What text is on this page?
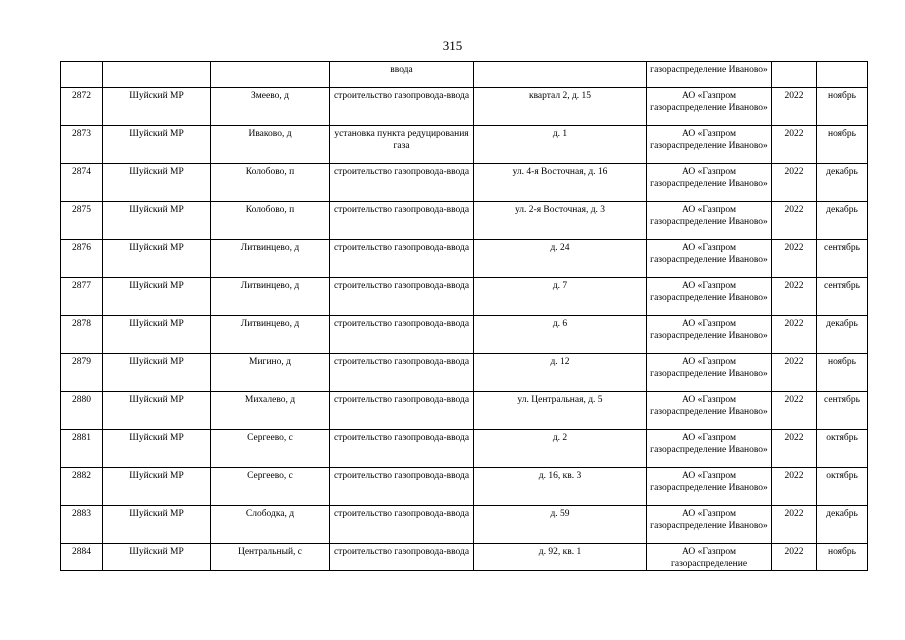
315
			ввода		газораспределение Иваново»		
2872	Шуйский МР	Змеево, д	строительство газопровода-ввода	квартал 2, д. 15	АО «Газпром газораспределение Иваново»	2022	ноябрь
2873	Шуйский МР	Иваково, д	установка пункта редуцирования газа	д. 1	АО «Газпром газораспределение Иваново»	2022	ноябрь
2874	Шуйский МР	Колобово, п	строительство газопровода-ввода	ул. 4-я Восточная, д. 16	АО «Газпром газораспределение Иваново»	2022	декабрь
2875	Шуйский МР	Колобово, п	строительство газопровода-ввода	ул. 2-я Восточная, д. 3	АО «Газпром газораспределение Иваново»	2022	декабрь
2876	Шуйский МР	Литвинцево, д	строительство газопровода-ввода	д. 24	АО «Газпром газораспределение Иваново»	2022	сентябрь
2877	Шуйский МР	Литвинцево, д	строительство газопровода-ввода	д. 7	АО «Газпром газораспределение Иваново»	2022	сентябрь
2878	Шуйский МР	Литвинцево, д	строительство газопровода-ввода	д. 6	АО «Газпром газораспределение Иваново»	2022	декабрь
2879	Шуйский МР	Мигино, д	строительство газопровода-ввода	д. 12	АО «Газпром газораспределение Иваново»	2022	ноябрь
2880	Шуйский МР	Михалево, д	строительство газопровода-ввода	ул. Центральная, д. 5	АО «Газпром газораспределение Иваново»	2022	сентябрь
2881	Шуйский МР	Сергеево, с	строительство газопровода-ввода	д. 2	АО «Газпром газораспределение Иваново»	2022	октябрь
2882	Шуйский МР	Сергеево, с	строительство газопровода-ввода	д. 16, кв. 3	АО «Газпром газораспределение Иваново»	2022	октябрь
2883	Шуйский МР	Слободка, д	строительство газопровода-ввода	д. 59	АО «Газпром газораспределение Иваново»	2022	декабрь
2884	Шуйский МР	Центральный, с	строительство газопровода-ввода	д. 92, кв. 1	АО «Газпром газораспределение	2022	ноябрь
